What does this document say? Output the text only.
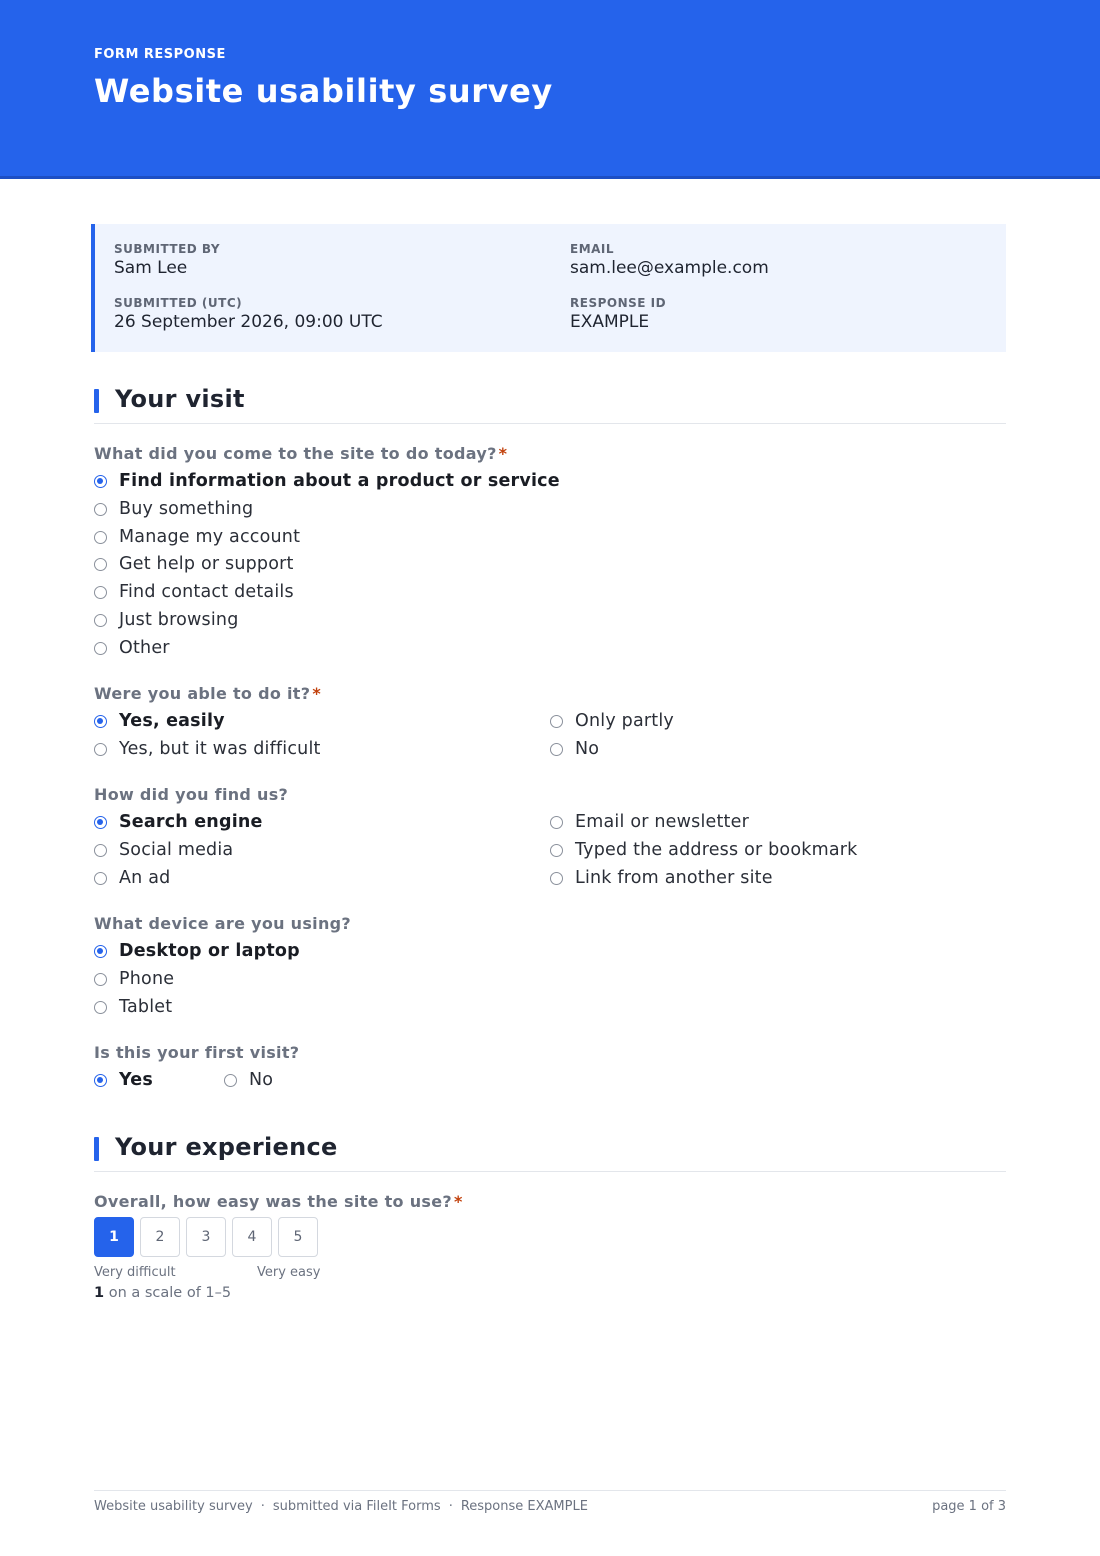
FORM RESPONSE
Website usability survey
SUBMITTED BY
Sam Lee
EMAIL
sam.lee@example.com
SUBMITTED (UTC)
26 September 2026, 09:00 UTC
RESPONSE ID
EXAMPLE
Your visit
What did you come to the site to do today? *
Find information about a product or service
Buy something
Manage my account
Get help or support
Find contact details
Just browsing
Other
Were you able to do it? *
Yes, easily
Yes, but it was difficult
Only partly
No
How did you find us?
Search engine
Social media
An ad
Email or newsletter
Typed the address or bookmark
Link from another site
What device are you using?
Desktop or laptop
Phone
Tablet
Is this your first visit?
Yes	No
Your experience
Overall, how easy was the site to use? *
1	2	3	4	5
Very difficult	Very easy
1 on a scale of 1–5
Website usability survey · submitted via FileIt Forms · Response EXAMPLE	page 1 of 3
